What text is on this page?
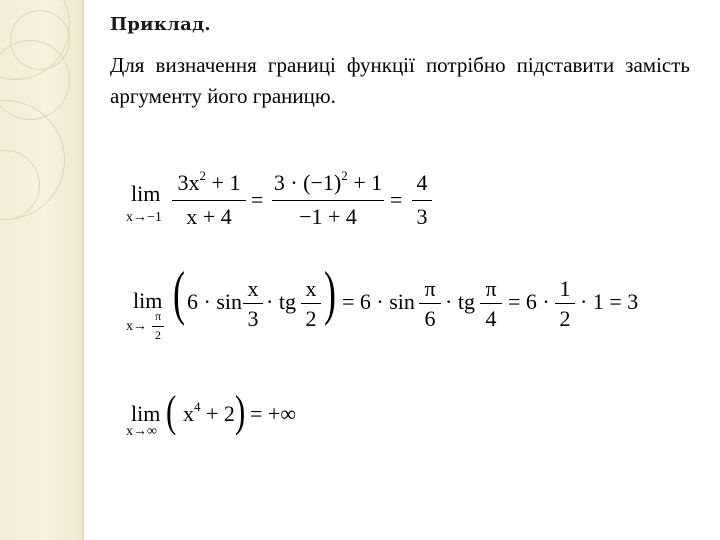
Приклад.
Для визначення границі функції потрібно підставити замість аргументу його границю.
lim
x→−1
$3x^2 + 1$
x + 4
=
$3 \cdot (-1)^2 + 1$
−1 + 4
=
4
3
lim
x→
π
2
( 6 · sin
x
3
· tg
x
2 ) = 6 · sin
π
6
· tg
π
4
= 6 ·
1
2
· 1 = 3
lim
x→∞ ( $x^4 + 2$ ) = +∞
